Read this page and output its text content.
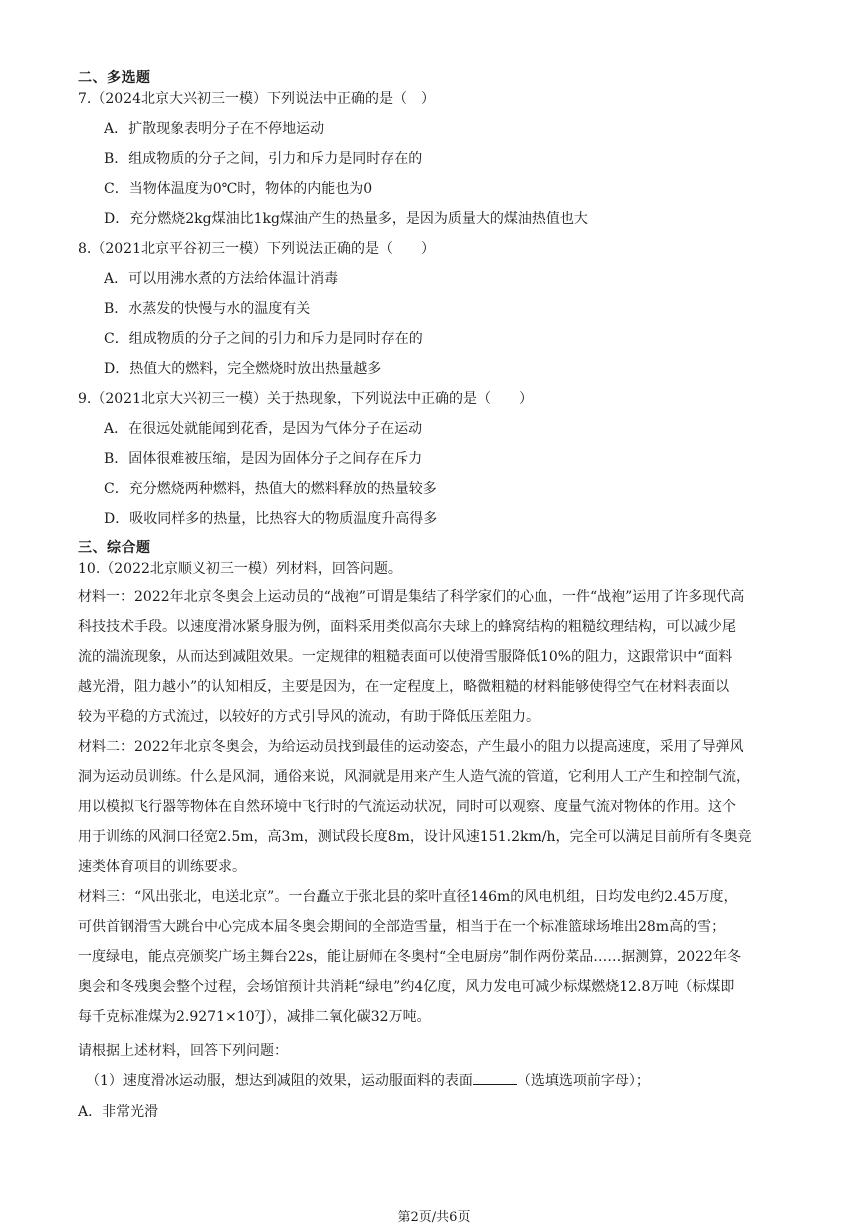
二、多选题
7.（2024北京大兴初三一模）下列说法中正确的是（　）
A．扩散现象表明分子在不停地运动
B．组成物质的分子之间，引力和斥力是同时存在的
C．当物体温度为0℃时，物体的内能也为0
D．充分燃烧2kg煤油比1kg煤油产生的热量多，是因为质量大的煤油热值也大
8.（2021北京平谷初三一模）下列说法正确的是（　　）
A．可以用沸水煮的方法给体温计消毒
B．水蒸发的快慢与水的温度有关
C．组成物质的分子之间的引力和斥力是同时存在的
D．热值大的燃料，完全燃烧时放出热量越多
9.（2021北京大兴初三一模）关于热现象，下列说法中正确的是（　　）
A．在很远处就能闻到花香，是因为气体分子在运动
B．固体很难被压缩，是因为固体分子之间存在斥力
C．充分燃烧两种燃料，热值大的燃料释放的热量较多
D．吸收同样多的热量，比热容大的物质温度升高得多
三、综合题
10.（2022北京顺义初三一模）列材料，回答问题。
材料一：2022年北京冬奥会上运动员的“战袍”可谓是集结了科学家们的心血，一件“战袍”运用了许多现代高
科技技术手段。以速度滑冰紧身服为例，面料采用类似高尔夫球上的蜂窝结构的粗糙纹理结构，可以减少尾
流的湍流现象，从而达到减阻效果。一定规律的粗糙表面可以使滑雪服降低10%的阻力，这跟常识中“面料
越光滑，阻力越小”的认知相反，主要是因为，在一定程度上，略微粗糙的材料能够使得空气在材料表面以
较为平稳的方式流过，以较好的方式引导风的流动，有助于降低压差阻力。
材料二：2022年北京冬奥会，为给运动员找到最佳的运动姿态，产生最小的阻力以提高速度，采用了导弹风
洞为运动员训练。什么是风洞，通俗来说，风洞就是用来产生人造气流的管道，它利用人工产生和控制气流，
用以模拟飞行器等物体在自然环境中飞行时的气流运动状况，同时可以观察、度量气流对物体的作用。这个
用于训练的风洞口径宽2.5m，高3m，测试段长度8m，设计风速151.2km/h，完全可以满足目前所有冬奥竞
速类体育项目的训练要求。
材料三：“风出张北，电送北京”。一台矗立于张北县的桨叶直径146m的风电机组，日均发电约2.45万度，
可供首钢滑雪大跳台中心完成本届冬奥会期间的全部造雪量，相当于在一个标准篮球场堆出28m高的雪；
一度绿电，能点亮颁奖广场主舞台22s，能让厨师在冬奥村“全电厨房”制作两份菜品……据测算，2022年冬
奥会和冬残奥会整个过程，会场馆预计共消耗“绿电”约4亿度，风力发电可减少标煤燃烧12.8万吨（标煤即
每千克标准煤为2.9271×10⁷J），减排二氧化碳32万吨。
请根据上述材料，回答下列问题：
（1）速度滑冰运动服，想达到减阻的效果，运动服面料的表面	（选填选项前字母）；
A．非常光滑
第2页/共6页
